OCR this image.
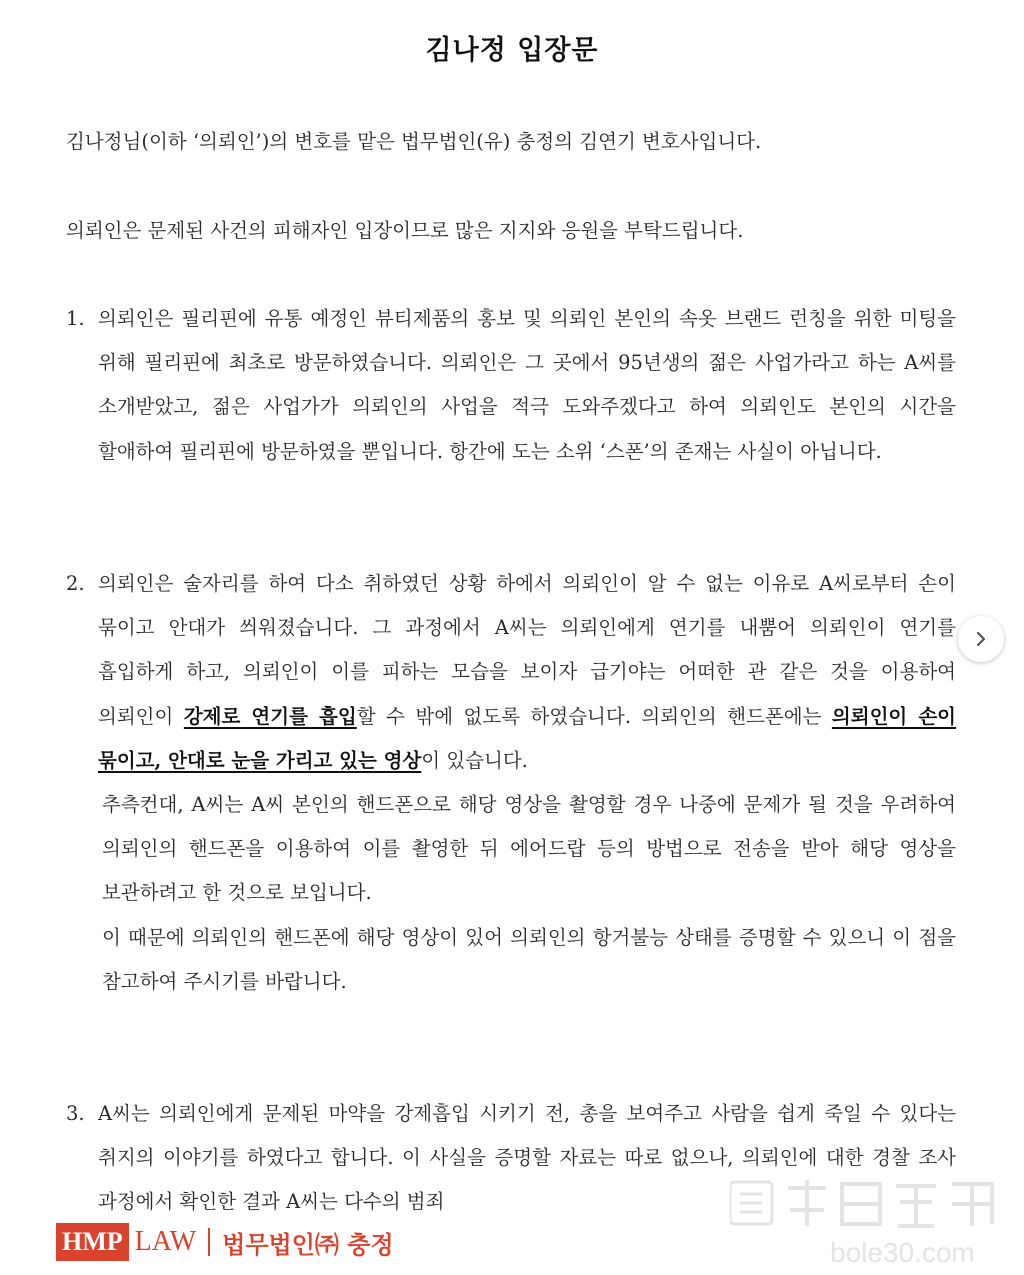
김나정 입장문
김나정님(이하 ‘의뢰인’)의 변호를 맡은 법무법인(유) 충정의 김연기 변호사입니다.
의뢰인은 문제된 사건의 피해자인 입장이므로 많은 지지와 응원을 부탁드립니다.
1. 의뢰인은 필리핀에 유통 예정인 뷰티제품의 홍보 및 의뢰인 본인의 속옷 브랜드 런칭을 위한 미팅을 위해 필리핀에 최초로 방문하였습니다. 의뢰인은 그 곳에서 95년생의 젊은 사업가라고 하는 A씨를 소개받았고, 젊은 사업가가 의뢰인의 사업을 적극 도와주겠다고 하여 의뢰인도 본인의 시간을 할애하여 필리핀에 방문하였을 뿐입니다. 항간에 도는 소위 ‘스폰’의 존재는 사실이 아닙니다.
2. 의뢰인은 술자리를 하여 다소 취하였던 상황 하에서 의뢰인이 알 수 없는 이유로 A씨로부터 손이 묶이고 안대가 씌워졌습니다. 그 과정에서 A씨는 의뢰인에게 연기를 내뿜어 의뢰인이 연기를 흡입하게 하고, 의뢰인이 이를 피하는 모습을 보이자 급기야는 어떠한 관 같은 것을 이용하여 의뢰인이 강제로 연기를 흡입할 수 밖에 없도록 하였습니다. 의뢰인의 핸드폰에는 의뢰인이 손이 묶이고, 안대로 눈을 가리고 있는 영상이 있습니다.
추측컨대, A씨는 A씨 본인의 핸드폰으로 해당 영상을 촬영할 경우 나중에 문제가 될 것을 우려하여 의뢰인의 핸드폰을 이용하여 이를 촬영한 뒤 에어드랍 등의 방법으로 전송을 받아 해당 영상을 보관하려고 한 것으로 보입니다.
이 때문에 의뢰인의 핸드폰에 해당 영상이 있어 의뢰인의 항거불능 상태를 증명할 수 있으니 이 점을 참고하여 주시기를 바랍니다.
3. A씨는 의뢰인에게 문제된 마약을 강제흡입 시키기 전, 총을 보여주고 사람을 쉽게 죽일 수 있다는 취지의 이야기를 하였다고 합니다. 이 사실을 증명할 자료는 따로 없으나, 의뢰인에 대한 경찰 조사 과정에서 확인한 결과 A씨는 다수의 범죄
HMP LAW 법무법인㈜ 충정	bole30.com
